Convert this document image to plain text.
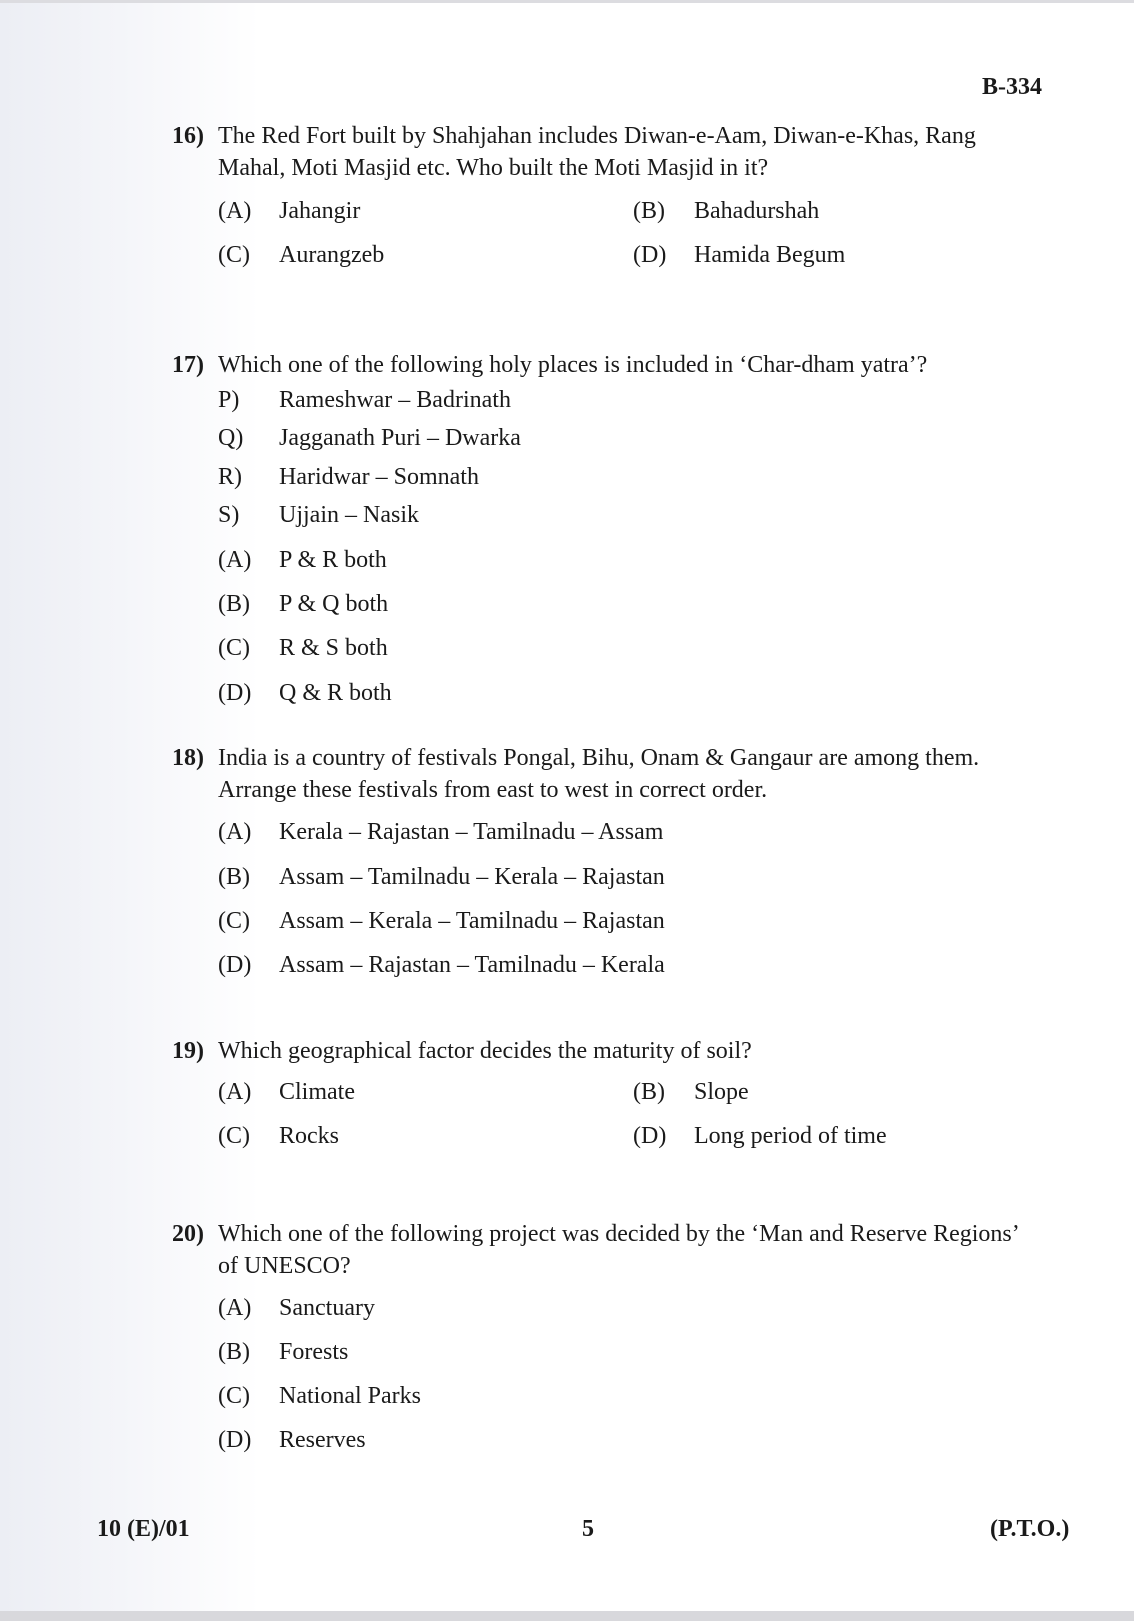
B-334
16) The Red Fort built by Shahjahan includes Diwan-e-Aam, Diwan-e-Khas, Rang Mahal, Moti Masjid etc. Who built the Moti Masjid in it?
(A) Jahangir	(B) Bahadurshah
(C) Aurangzeb	(D) Hamida Begum
17) Which one of the following holy places is included in ‘Char-dham yatra’?
P) Rameshwar – Badrinath
Q) Jagganath Puri – Dwarka
R) Haridwar – Somnath
S) Ujjain – Nasik
(A) P & R both
(B) P & Q both
(C) R & S both
(D) Q & R both
18) India is a country of festivals Pongal, Bihu, Onam & Gangaur are among them. Arrange these festivals from east to west in correct order.
(A) Kerala – Rajastan – Tamilnadu – Assam
(B) Assam – Tamilnadu – Kerala – Rajastan
(C) Assam – Kerala – Tamilnadu – Rajastan
(D) Assam – Rajastan – Tamilnadu – Kerala
19) Which geographical factor decides the maturity of soil?
(A) Climate	(B) Slope
(C) Rocks	(D) Long period of time
20) Which one of the following project was decided by the ‘Man and Reserve Regions’ of UNESCO?
(A) Sanctuary
(B) Forests
(C) National Parks
(D) Reserves
10 (E)/01	5	(P.T.O.)
